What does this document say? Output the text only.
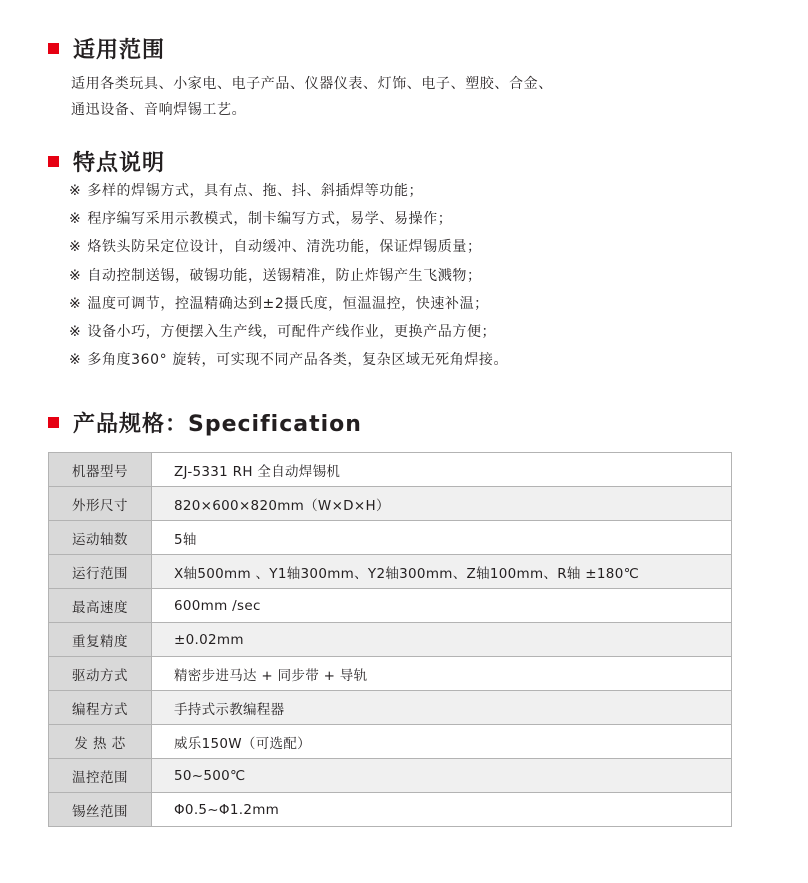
适用范围
适用各类玩具、小家电、电子产品、仪器仪表、灯饰、电子、塑胶、合金、
通迅设备、音响焊锡工艺。
特点说明
※ 多样的焊锡方式，具有点、拖、抖、斜插焊等功能；
※ 程序编写采用示教模式，制卡编写方式，易学、易操作；
※ 烙铁头防呆定位设计，自动缓冲、清洗功能，保证焊锡质量；
※ 自动控制送锡，破锡功能，送锡精准，防止炸锡产生飞溅物；
※ 温度可调节，控温精确达到±2摄氏度，恒温温控，快速补温；
※ 设备小巧，方便摆入生产线，可配件产线作业，更换产品方便；
※ 多角度360° 旋转，可实现不同产品各类，复杂区域无死角焊接。
产品规格：Specification
机器型号	ZJ-5331 RH 全自动焊锡机
外形尺寸	820×600×820mm（W×D×H）
运动轴数	5轴
运行范围	X轴500mm 、Y1轴300mm、Y2轴300mm、Z轴100mm、R轴 ±180℃
最高速度	600mm /sec
重复精度	±0.02mm
驱动方式	精密步进马达 + 同步带 + 导轨
编程方式	手持式示教编程器
发 热 芯	威乐150W（可选配）
温控范围	50~500℃
锡丝范围	Φ0.5~Φ1.2mm
